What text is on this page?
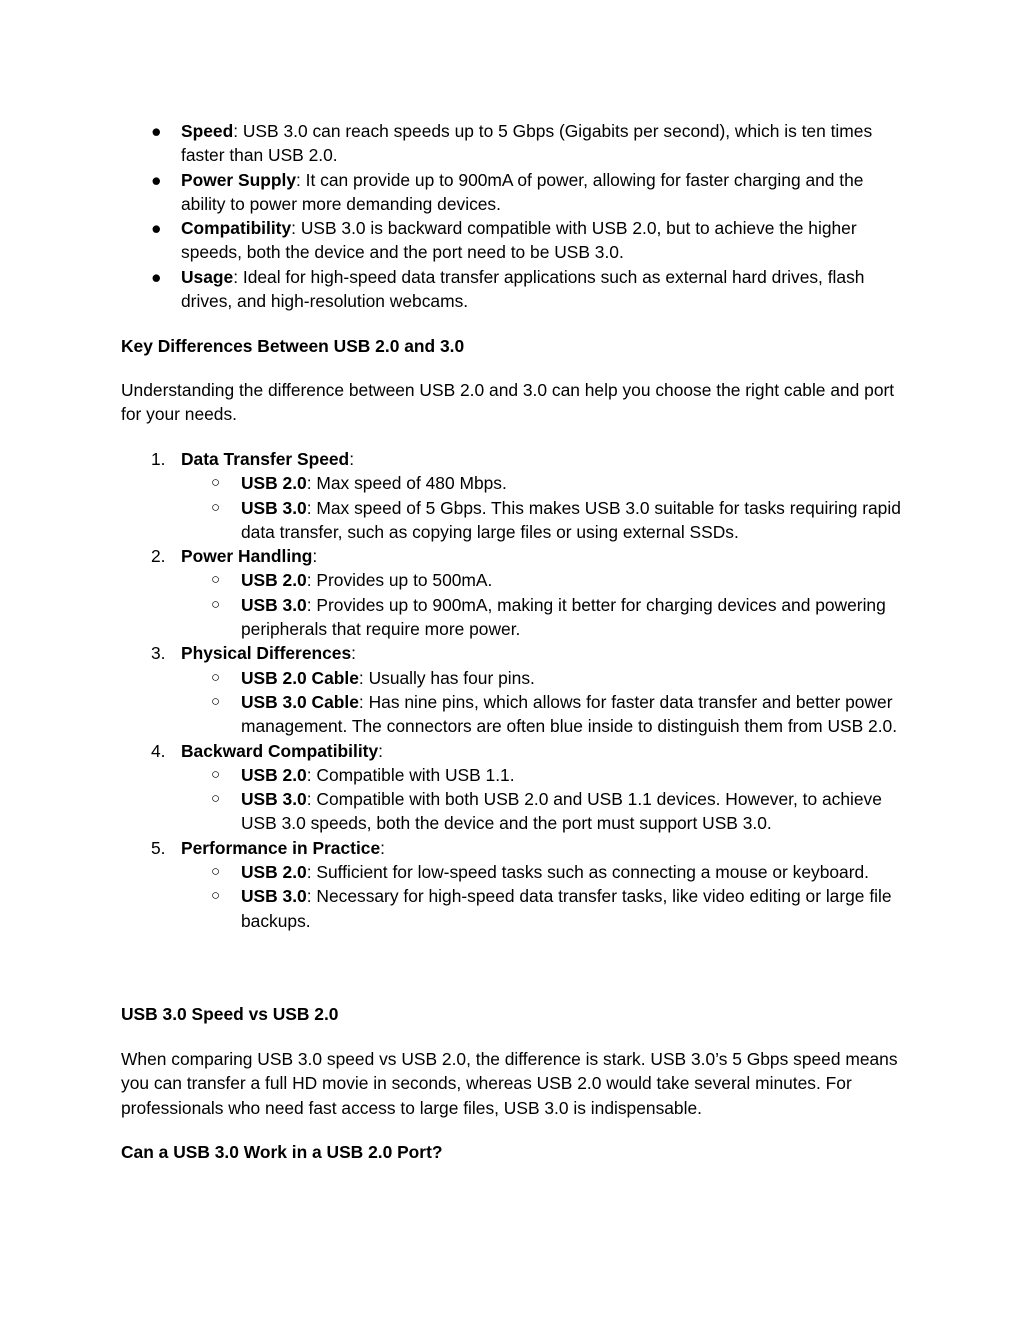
●	Speed: USB 3.0 can reach speeds up to 5 Gbps (Gigabits per second), which is ten times faster than USB 2.0.
●	Power Supply: It can provide up to 900mA of power, allowing for faster charging and the ability to power more demanding devices.
●	Compatibility: USB 3.0 is backward compatible with USB 2.0, but to achieve the higher speeds, both the device and the port need to be USB 3.0.
●	Usage: Ideal for high-speed data transfer applications such as external hard drives, flash drives, and high-resolution webcams.
Key Differences Between USB 2.0 and 3.0

Understanding the difference between USB 2.0 and 3.0 can help you choose the right cable and port for your needs.

1. Data Transfer Speed:
○	USB 2.0: Max speed of 480 Mbps.
○	USB 3.0: Max speed of 5 Gbps. This makes USB 3.0 suitable for tasks requiring rapid data transfer, such as copying large files or using external SSDs.
2. Power Handling:
○	USB 2.0: Provides up to 500mA.
○	USB 3.0: Provides up to 900mA, making it better for charging devices and powering peripherals that require more power.
3. Physical Differences:
○	USB 2.0 Cable: Usually has four pins.
○	USB 3.0 Cable: Has nine pins, which allows for faster data transfer and better power management. The connectors are often blue inside to distinguish them from USB 2.0.
4. Backward Compatibility:
○	USB 2.0: Compatible with USB 1.1.
○	USB 3.0: Compatible with both USB 2.0 and USB 1.1 devices. However, to achieve USB 3.0 speeds, both the device and the port must support USB 3.0.
5. Performance in Practice:
○	USB 2.0: Sufficient for low-speed tasks such as connecting a mouse or keyboard.
○	USB 3.0: Necessary for high-speed data transfer tasks, like video editing or large file backups.
USB 3.0 Speed vs USB 2.0

When comparing USB 3.0 speed vs USB 2.0, the difference is stark. USB 3.0’s 5 Gbps speed means you can transfer a full HD movie in seconds, whereas USB 2.0 would take several minutes. For professionals who need fast access to large files, USB 3.0 is indispensable.

Can a USB 3.0 Work in a USB 2.0 Port?
